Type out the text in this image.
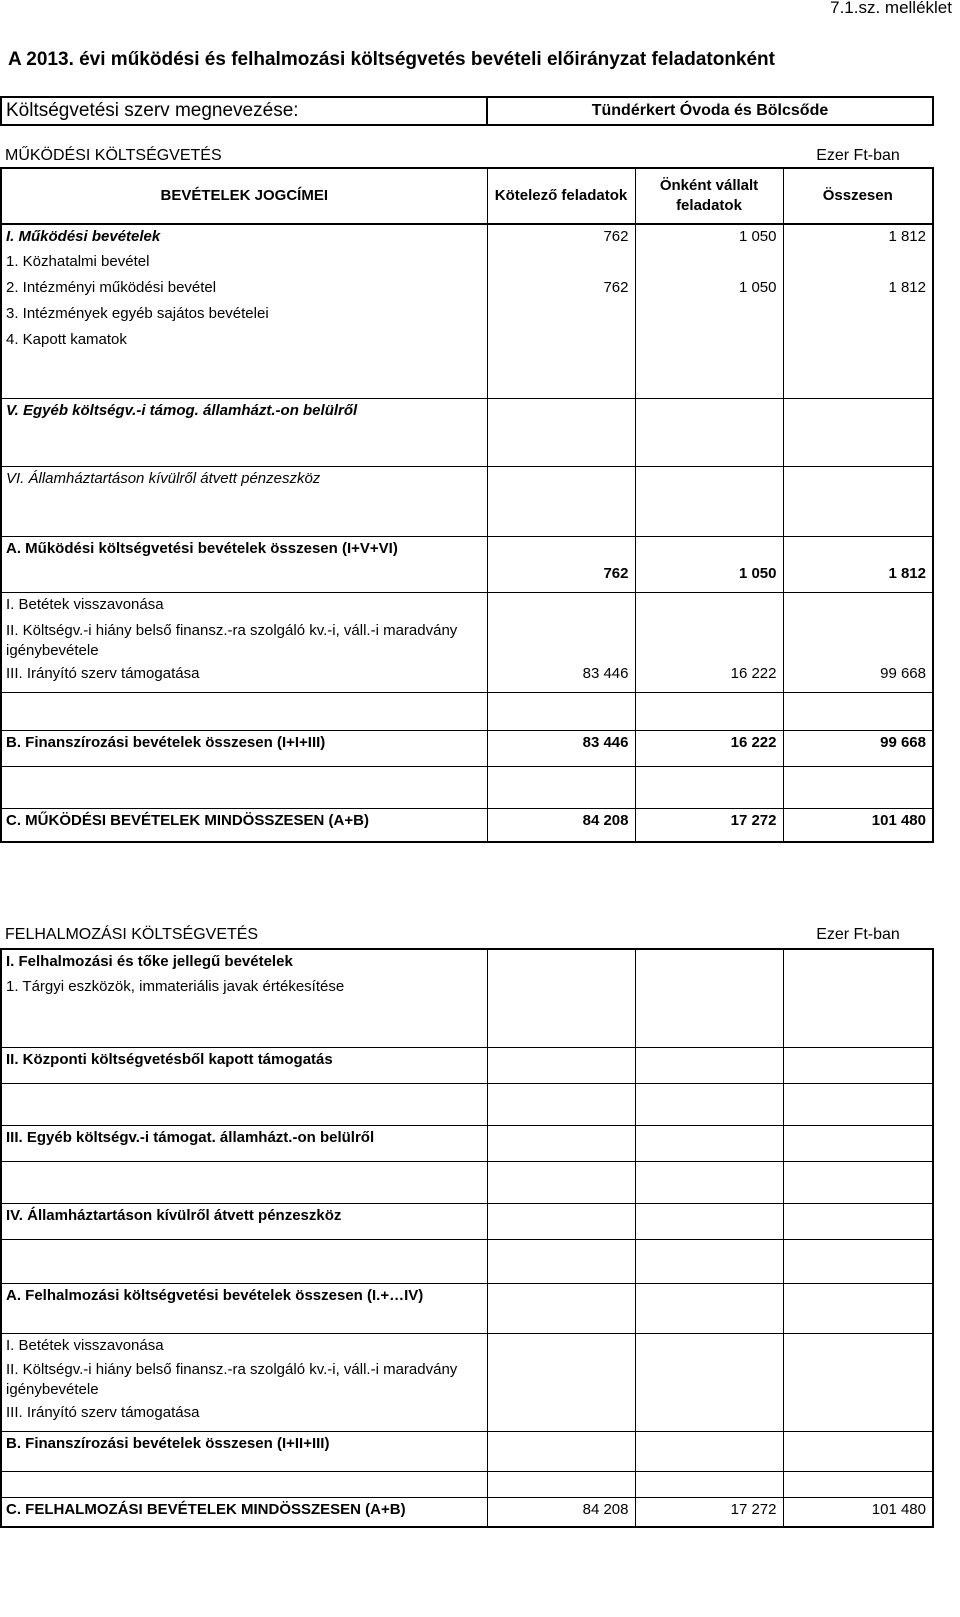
7.1.sz. melléklet
A 2013. évi működési és felhalmozási költségvetés bevételi előirányzat feladatonként
Költségvetési szerv megnevezése:	Tündérkert Óvoda és Bölcsőde
MŰKÖDÉSI KÖLTSÉGVETÉS			Ezer Ft-ban
BEVÉTELEK JOGCÍMEI	Kötelező feladatok	Önként vállalt feladatok	Összesen
I. Működési bevételek	762	1 050	1 812
1. Közhatalmi bevétel			
2. Intézményi működési bevétel	762	1 050	1 812
3. Intézmények egyéb sajátos bevételei			
4. Kapott kamatok			

V. Egyéb költségv.-i támog. államházt.-on belülről			

VI. Államháztartáson kívülről átvett pénzeszköz			

A. Működési költségvetési bevételek összesen (I+V+VI)	762	1 050	1 812
I. Betétek visszavonása			
II. Költségv.-i hiány belső finansz.-ra szolgáló kv.-i, váll.-i maradvány igénybevétele			
III. Irányító szerv támogatása	83 446	16 222	99 668

B. Finanszírozási bevételek összesen (I+I+III)	83 446	16 222	99 668

C. MŰKÖDÉSI BEVÉTELEK MINDÖSSZESEN (A+B)	84 208	17 272	101 480
FELHALMOZÁSI KÖLTSÉGVETÉS			Ezer Ft-ban
I. Felhalmozási és tőke jellegű bevételek			
1. Tárgyi eszközök, immateriális javak értékesítése			

II. Központi költségvetésből kapott támogatás			

III. Egyéb költségv.-i támogat. államházt.-on belülről			

IV. Államháztartáson kívülről átvett pénzeszköz			

A. Felhalmozási költségvetési bevételek összesen (I.+…IV)			
I. Betétek visszavonása			
II. Költségv.-i hiány belső finansz.-ra szolgáló kv.-i, váll.-i maradvány igénybevétele			
III. Irányító szerv támogatása			
B. Finanszírozási bevételek összesen (I+II+III)			

C. FELHALMOZÁSI BEVÉTELEK MINDÖSSZESEN (A+B)	84 208	17 272	101 480
